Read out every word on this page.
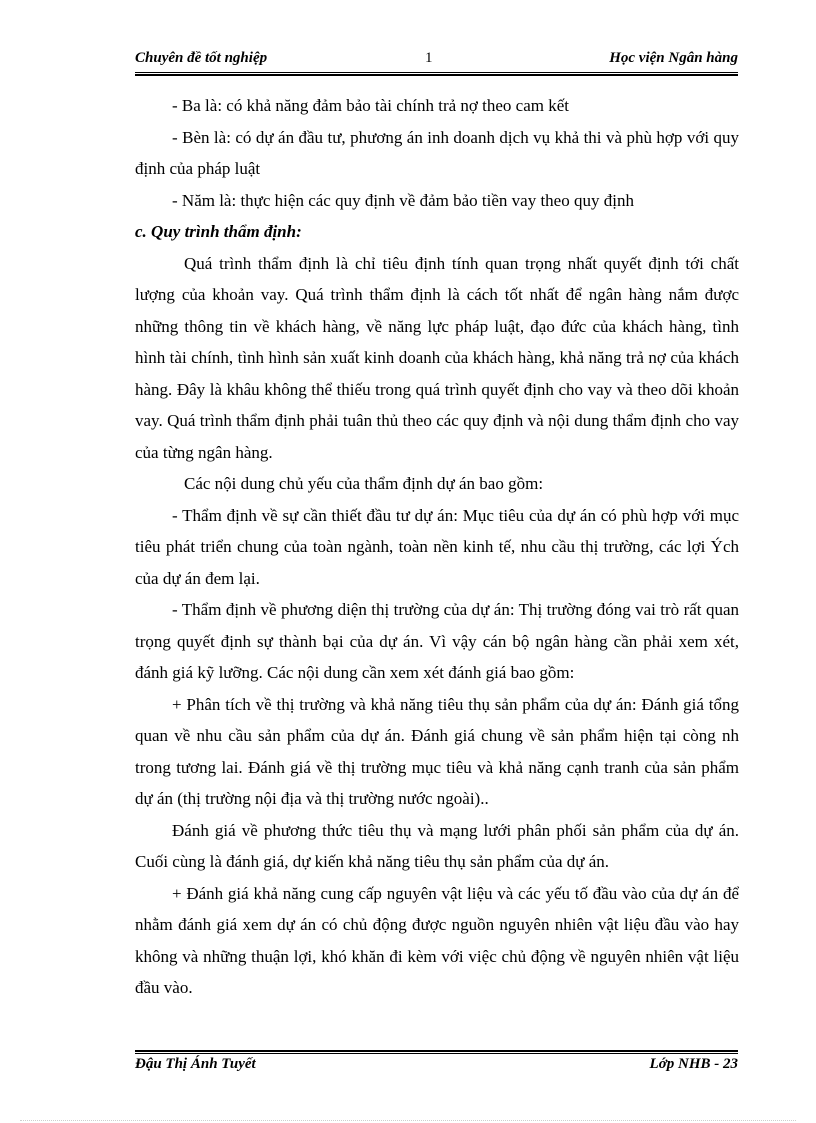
Chuyên đề tốt nghiệp	1	Học viện Ngân hàng

- Ba là: có khả năng đảm bảo tài chính trả nợ theo cam kết

- Bèn là: có dự án đầu tư, phương án inh doanh dịch vụ khả thi và phù hợp với quy định của pháp luật

- Năm là: thực hiện các quy định về đảm bảo tiền vay theo quy định

c. Quy trình thẩm định:

Quá trình thẩm định là chỉ tiêu định tính quan trọng nhất quyết định tới chất lượng của khoản vay. Quá trình thẩm định là cách tốt nhất để ngân hàng nắm được những thông tin về khách hàng, về năng lực pháp luật, đạo đức của khách hàng, tình hình tài chính, tình hình sản xuất kinh doanh của khách hàng, khả năng trả nợ của khách hàng. Đây là khâu không thể thiếu trong quá trình quyết định cho vay và theo dõi khoản vay. Quá trình thẩm định phải tuân thủ theo các quy định và nội dung thẩm định cho vay của từng ngân hàng.

Các nội dung chủ yếu của thẩm định dự án bao gồm:

- Thẩm định về sự cần thiết đầu tư dự án: Mục tiêu của dự án có phù hợp với mục tiêu phát triển chung của toàn ngành, toàn nền kinh tế, nhu cầu thị trường, các lợi Ých của dự án đem lại.

- Thẩm định về phương diện thị trường của dự án: Thị trường đóng vai trò rất quan trọng quyết định sự thành bại của dự án. Vì vậy cán bộ ngân hàng cần phải xem xét, đánh giá kỹ lưỡng. Các nội dung cần xem xét đánh giá bao gồm:

+ Phân tích về thị trường và khả năng tiêu thụ sản phẩm của dự án: Đánh giá tổng quan về nhu cầu sản phẩm của dự án. Đánh giá chung về sản phẩm hiện tại còng nh trong tương lai. Đánh giá về thị trường mục tiêu và khả năng cạnh tranh của sản phẩm dự án (thị trường nội địa và thị trường nước ngoài)..

Đánh giá về phương thức tiêu thụ và mạng lưới phân phối sản phẩm của dự án. Cuối cùng là đánh giá, dự kiến khả năng tiêu thụ sản phẩm của dự án.

+ Đánh giá khả năng cung cấp nguyên vật liệu và các yếu tố đầu vào của dự án để nhằm đánh giá xem dự án có chủ động được nguồn nguyên nhiên vật liệu đầu vào hay không và những thuận lợi, khó khăn đi kèm với việc chủ động về nguyên nhiên vật liệu đầu vào.

Đậu Thị Ánh Tuyết	Lớp NHB - 23
